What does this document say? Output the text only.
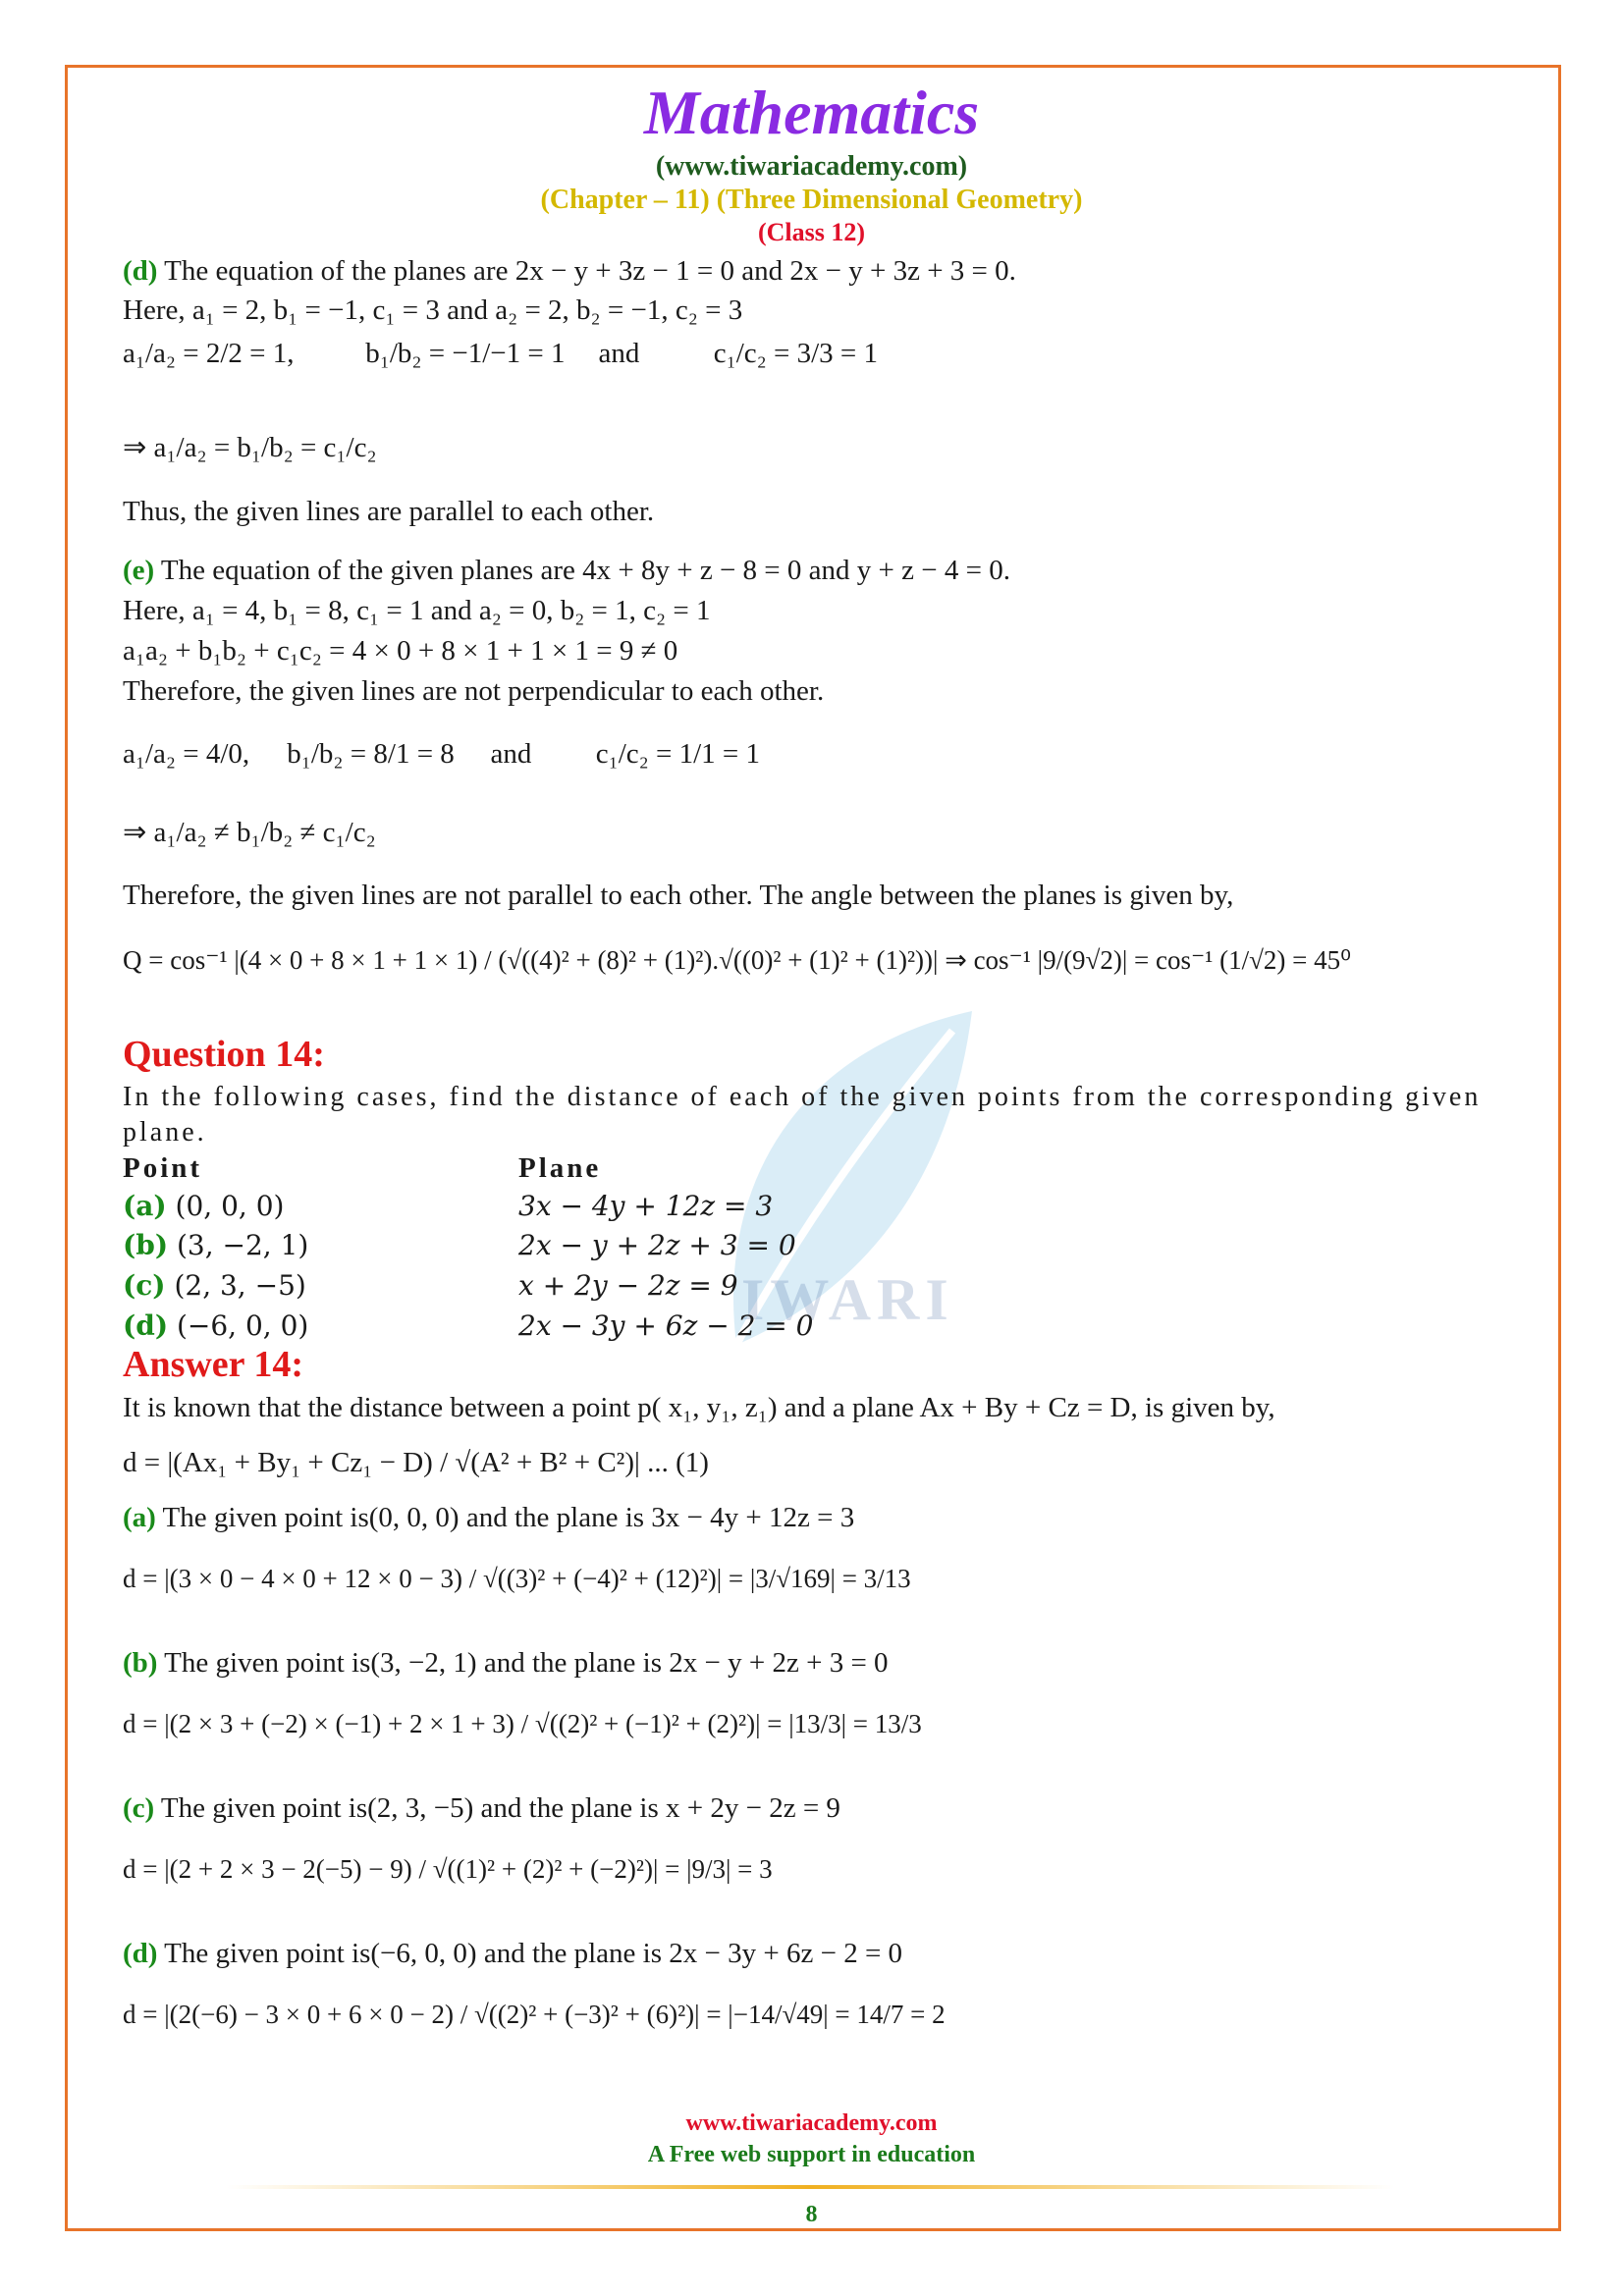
IWARI
Mathematics
(www.tiwariacademy.com)
(Chapter – 11) (Three Dimensional Geometry)
(Class 12)
(d) The equation of the planes are 2x − y + 3z − 1 = 0 and 2x − y + 3z + 3 = 0.
Here, a₁ = 2, b₁ = −1, c₁ = 3 and a₂ = 2, b₂ = −1, c₂ = 3
a₁/a₂ = 2/2 = 1,	b₁/b₂ = −1/−1 = 1 and	c₁/c₂ = 3/3 = 1
⇒ a₁/a₂ = b₁/b₂ = c₁/c₂
Thus, the given lines are parallel to each other.
(e) The equation of the given planes are 4x + 8y + z − 8 = 0 and y + z − 4 = 0.
Here, a₁ = 4, b₁ = 8, c₁ = 1 and a₂ = 0, b₂ = 1, c₂ = 1
a₁a₂ + b₁b₂ + c₁c₂ = 4 × 0 + 8 × 1 + 1 × 1 = 9 ≠ 0
Therefore, the given lines are not perpendicular to each other.
a₁/a₂ = 4/0, b₁/b₂ = 8/1 = 8 and c₁/c₂ = 1/1 = 1
⇒ a₁/a₂ ≠ b₁/b₂ ≠ c₁/c₂
Therefore, the given lines are not parallel to each other. The angle between the planes is given by,
Q = cos⁻¹ |(4 × 0 + 8 × 1 + 1 × 1) / (√((4)² + (8)² + (1)²).√((0)² + (1)² + (1)²))| ⇒ cos⁻¹ |9/(9√2)| = cos⁻¹ (1/√2) = 45⁰
Question 14:
In the following cases, find the distance of each of the given points from the corresponding given plane.
Point	Plane
(a) (0, 0, 0)	3x − 4y + 12z = 3
(b) (3, −2, 1)	2x − y + 2z + 3 = 0
(c) (2, 3, −5)	x + 2y − 2z = 9
(d) (−6, 0, 0)	2x − 3y + 6z − 2 = 0
Answer 14:
It is known that the distance between a point p( x₁, y₁, z₁) and a plane Ax + By + Cz = D, is given by,
d = |(Ax₁ + By₁ + Cz₁ − D) / √(A² + B² + C²)| ... (1)
(a) The given point is(0, 0, 0) and the plane is 3x − 4y + 12z = 3
d = |(3 × 0 − 4 × 0 + 12 × 0 − 3) / √((3)² + (−4)² + (12)²)| = |3/√169| = 3/13
(b) The given point is(3, −2, 1) and the plane is 2x − y + 2z + 3 = 0
d = |(2 × 3 + (−2) × (−1) + 2 × 1 + 3) / √((2)² + (−1)² + (2)²)| = |13/3| = 13/3
(c) The given point is(2, 3, −5) and the plane is x + 2y − 2z = 9
d = |(2 + 2 × 3 − 2(−5) − 9) / √((1)² + (2)² + (−2)²)| = |9/3| = 3
(d) The given point is(−6, 0, 0) and the plane is 2x − 3y + 6z − 2 = 0
d = |(2(−6) − 3 × 0 + 6 × 0 − 2) / √((2)² + (−3)² + (6)²)| = |−14/√49| = 14/7 = 2
www.tiwariacademy.com
A Free web support in education
8
